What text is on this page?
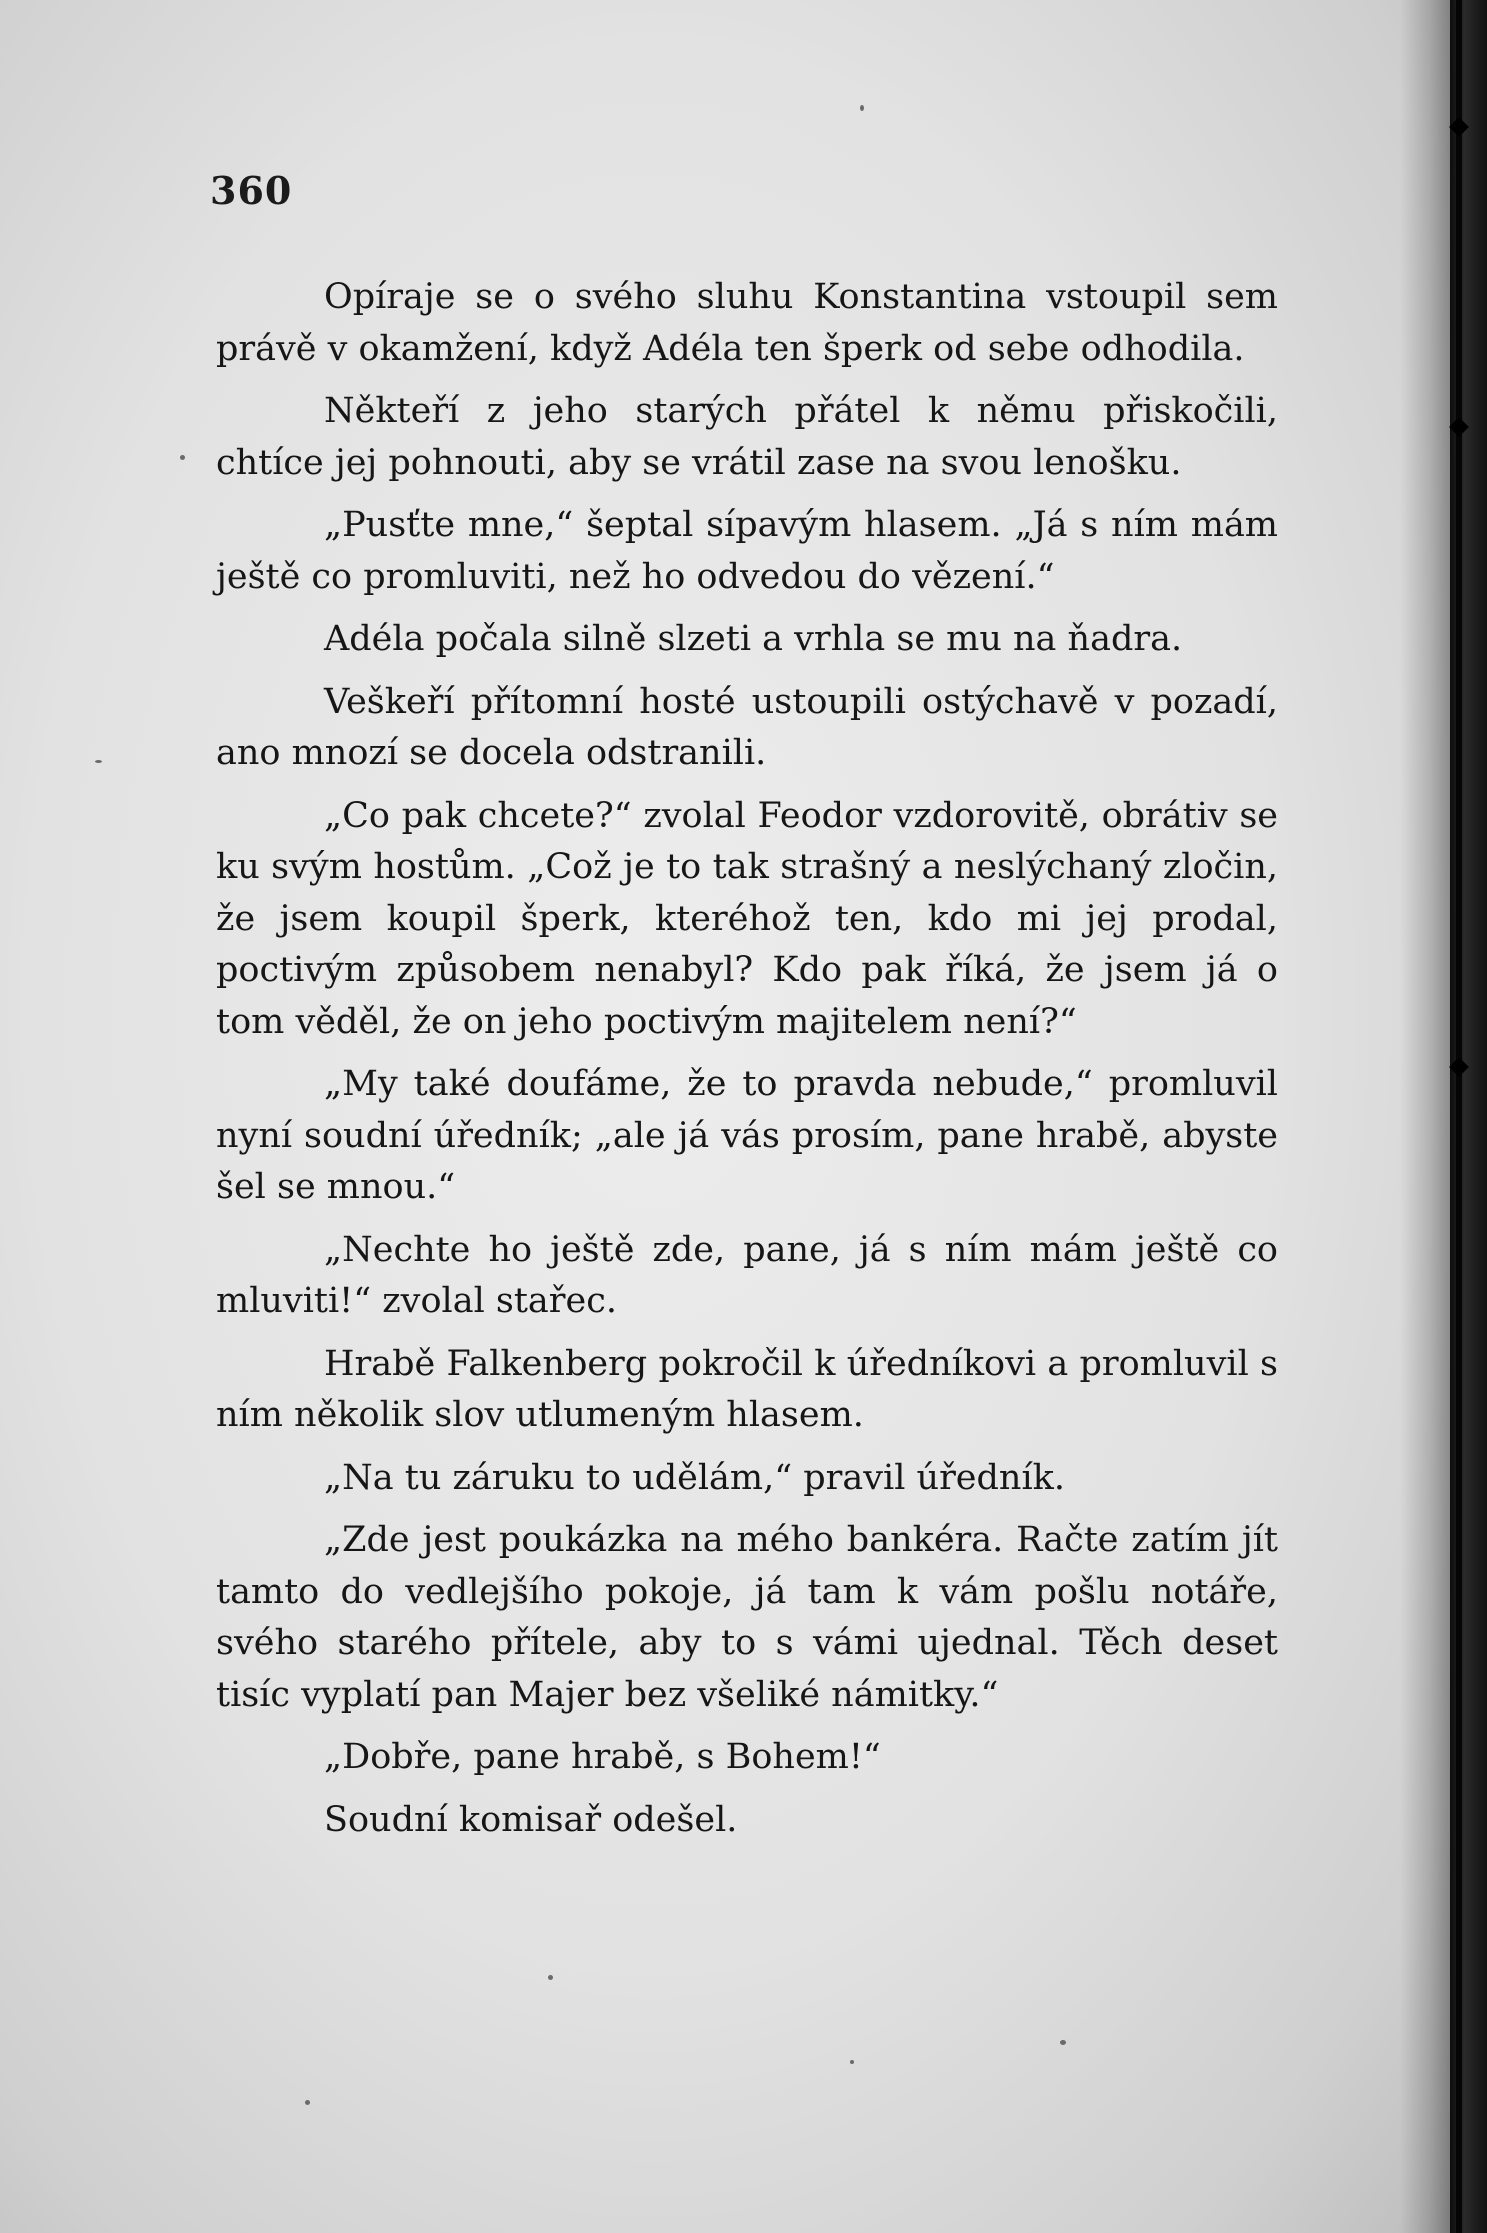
360

Opíraje se o svého sluhu Konstantina vstoupil sem právě v okamžení, když Adéla ten šperk od sebe odhodila.

Někteří z jeho starých přátel k němu přiskočili, chtíce jej pohnouti, aby se vrátil zase na svou lenošku.

„Pusťte mne,“ šeptal sípavým hlasem. „Já s ním mám ještě co promluviti, než ho odvedou do vězení.“

Adéla počala silně slzeti a vrhla se mu na ňadra.

Veškeří přítomní hosté ustoupili ostýchavě v pozadí, ano mnozí se docela odstranili.

„Co pak chcete?“ zvolal Feodor vzdorovitě, obrátiv se ku svým hostům. „Což je to tak strašný a neslýchaný zločin, že jsem koupil šperk, kteréhož ten, kdo mi jej prodal, poctivým způsobem nenabyl? Kdo pak říká, že jsem já o tom věděl, že on jeho poctivým majitelem není?“

„My také doufáme, že to pravda nebude,“ promluvil nyní soudní úředník; „ale já vás prosím, pane hrabě, abyste šel se mnou.“

„Nechte ho ještě zde, pane, já s ním mám ještě co mluviti!“ zvolal stařec.

Hrabě Falkenberg pokročil k úředníkovi a promluvil s ním několik slov utlumeným hlasem.

„Na tu záruku to udělám,“ pravil úředník.

„Zde jest poukázka na mého bankéra. Račte zatím jít tamto do vedlejšího pokoje, já tam k vám pošlu notáře, svého starého přítele, aby to s vámi ujednal. Těch deset tisíc vyplatí pan Majer bez všeliké námitky.“

„Dobře, pane hrabě, s Bohem!“

Soudní komisař odešel.
